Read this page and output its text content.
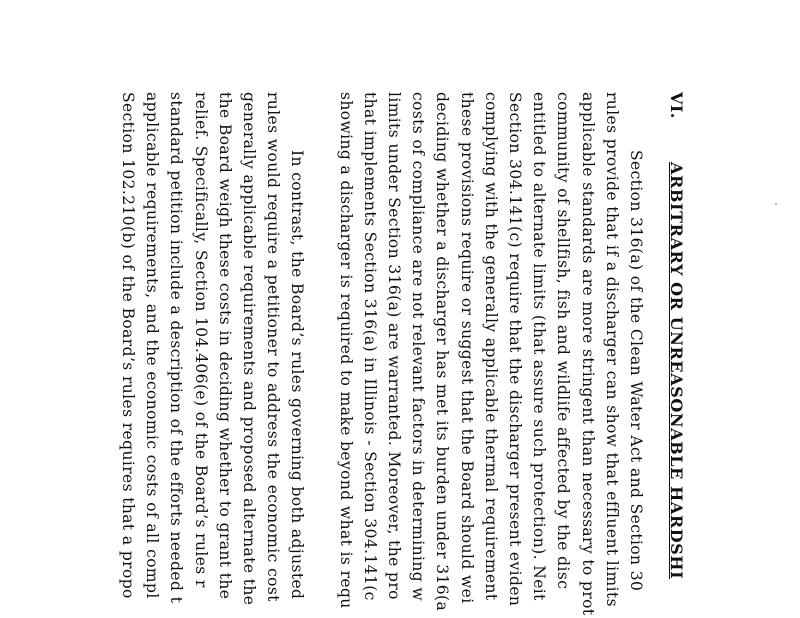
VI.ARBITRARY OR UNREASONABLE HARDSHI
Section 316(a) of the Clean Water Act and Section 30
rules provide that if a discharger can show that effluent limits
applicable standards are more stringent than necessary to prot
community of shellfish, fish and wildlife affected by the disc
entitled to alternate limits (that assure such protection). Neit
Section 304.141(c) require that the discharger present eviden
complying with the generally applicable thermal requirement
these provisions require or suggest that the Board should wei
deciding whether a discharger has met its burden under 316(a
costs of compliance are not relevant factors in determining w
limits under Section 316(a) are warranted. Moreover, the pro
that implements Section 316(a) in Illinois - Section 304.141(c
showing a discharger is required to make beyond what is requ
In contrast, the Board’s rules governing both adjusted
rules would require a petitioner to address the economic cost
generally applicable requirements and proposed alternate the
the Board weigh these costs in deciding whether to grant the
relief. Specifically, Section 104.406(e) of the Board’s rules r
standard petition include a description of the efforts needed t
applicable requirements, and the economic costs of all compl
Section 102.210(b) of the Board’s rules requires that a propo
